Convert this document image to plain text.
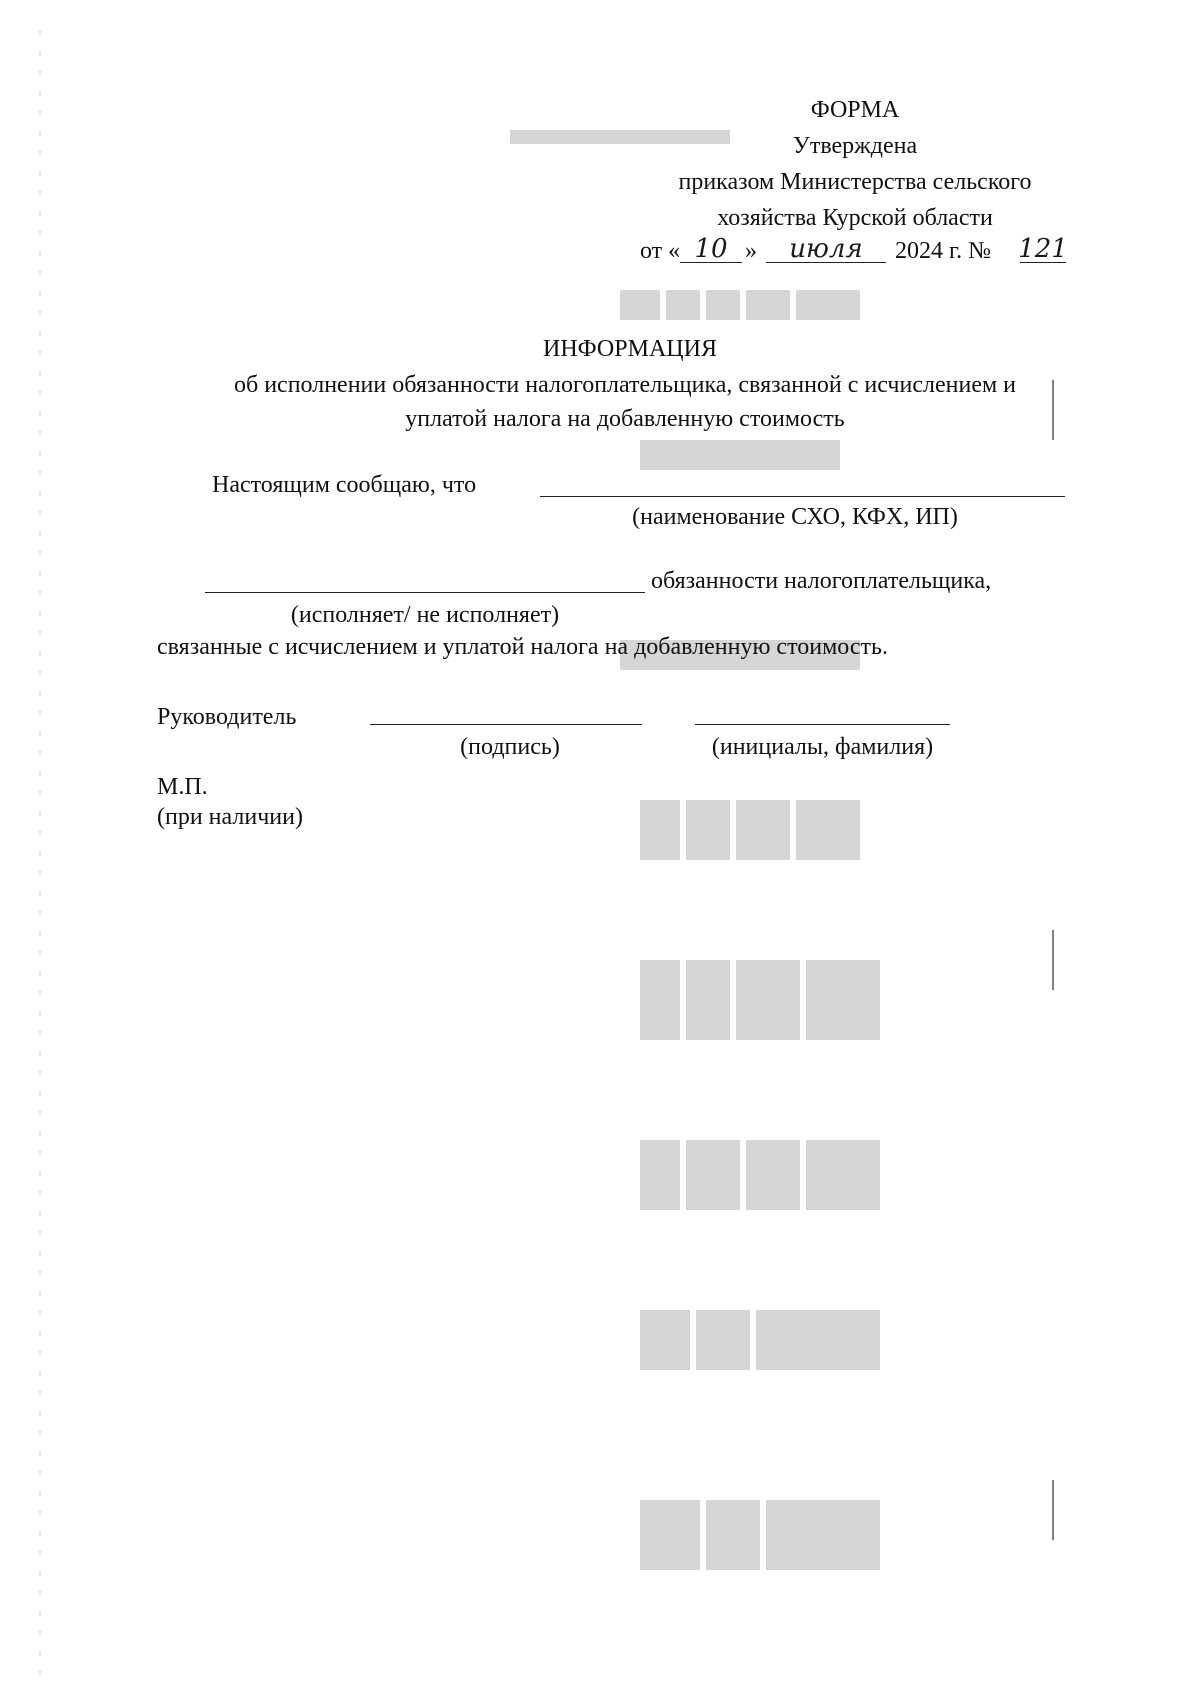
ФОРМА
Утверждена
приказом Министерства сельского
хозяйства Курской области
от « 10 »	июля	2024 г. № 121
ИНФОРМАЦИЯ
об исполнении обязанности налогоплательщика, связанной с исчислением и
уплатой налога на добавленную стоимость
Настоящим сообщаю, что
(наименование СХО, КФХ, ИП)
обязанности налогоплательщика,
(исполняет/ не исполняет)
связанные с исчислением и уплатой налога на добавленную стоимость.
Руководитель
(подпись)	(инициалы, фамилия)
М.П.
(при наличии)
